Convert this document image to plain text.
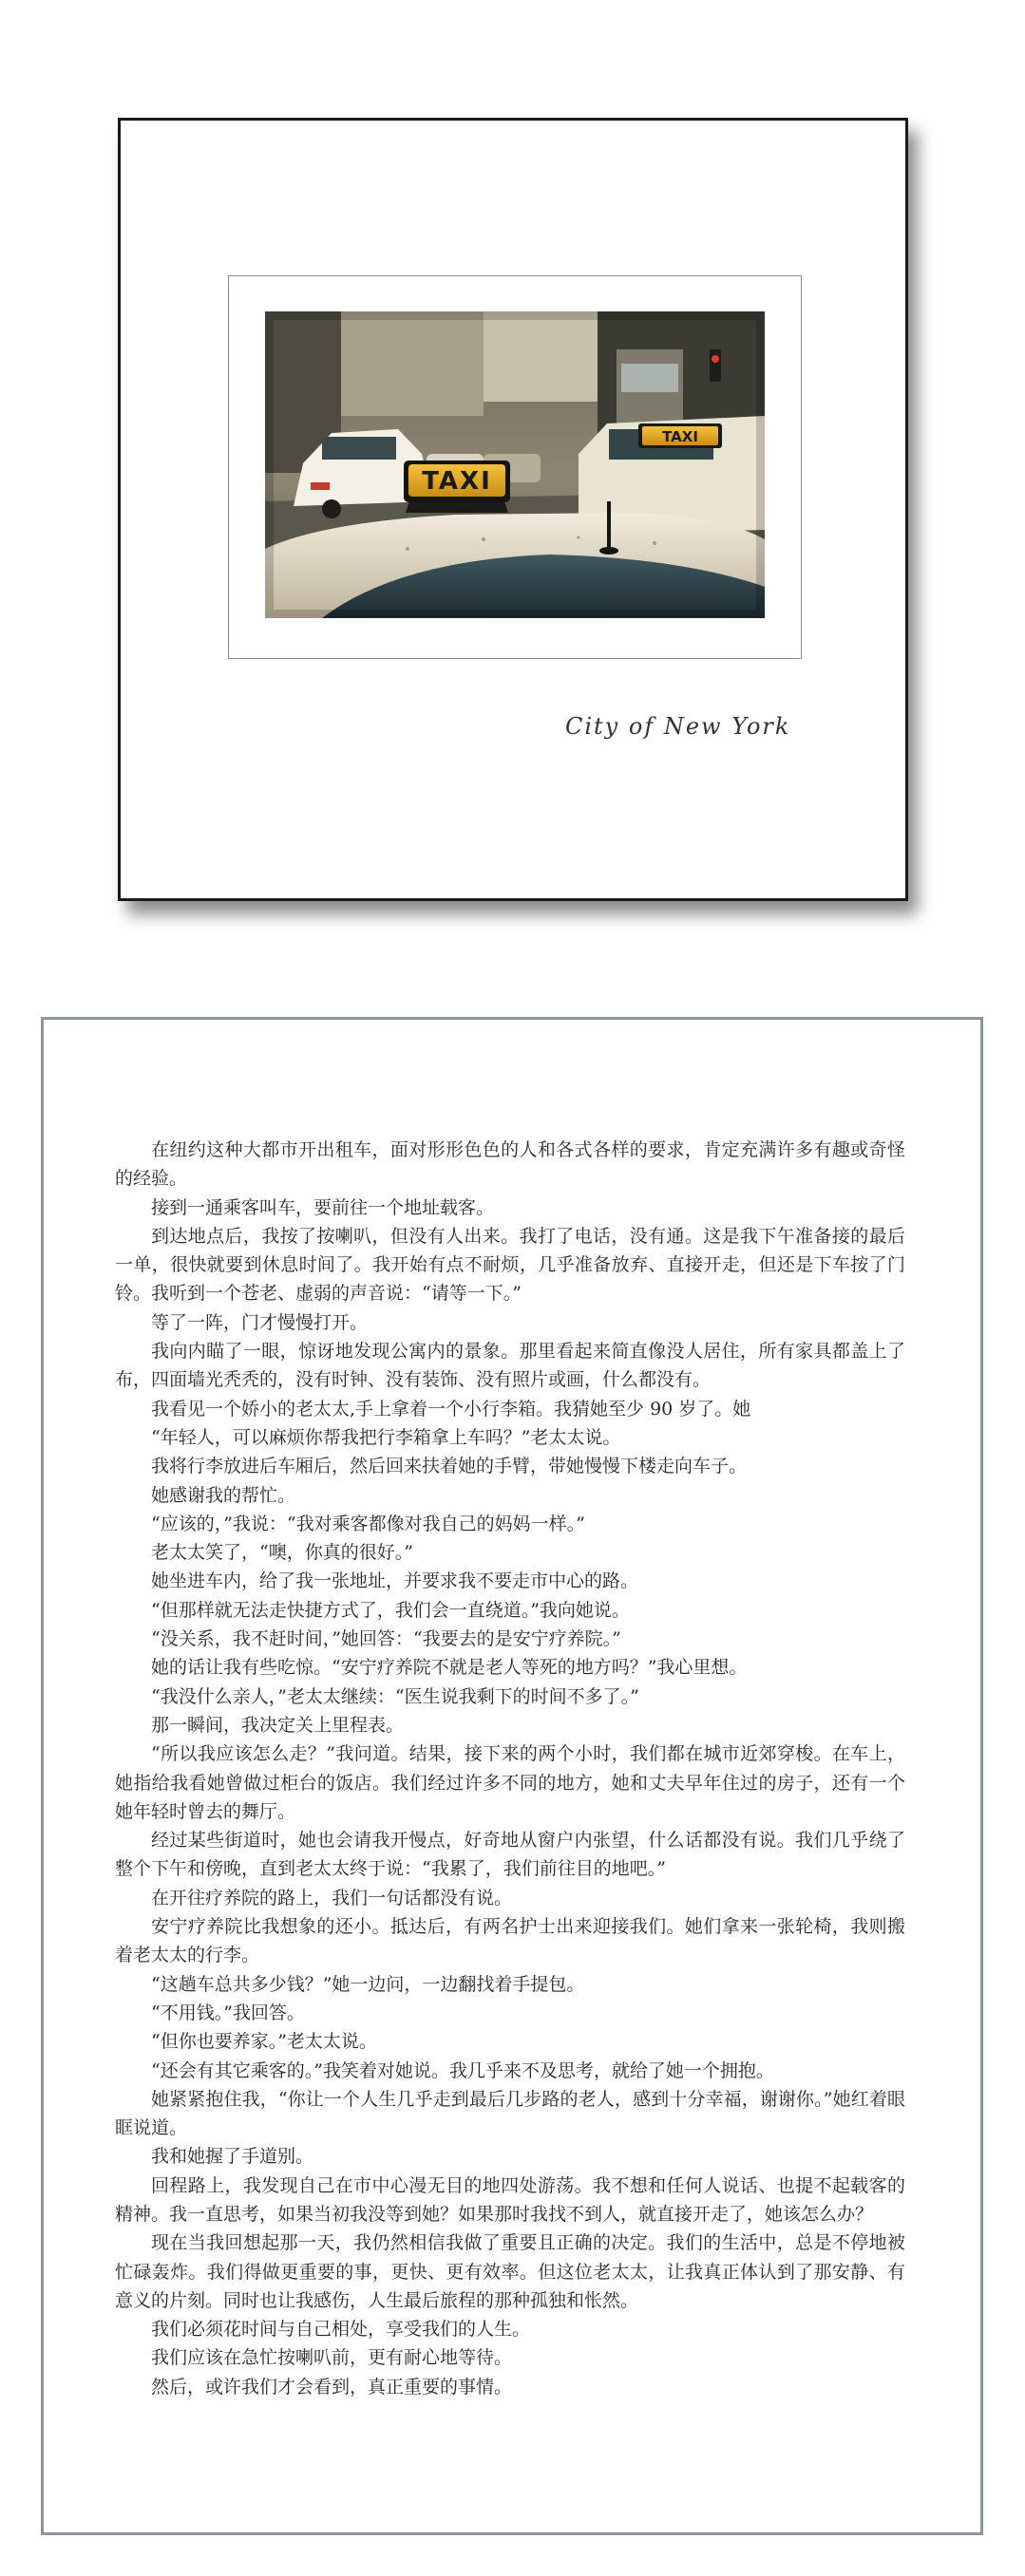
TAXI
TAXI
City of New York

在纽约这种大都市开出租车，面对形形色色的人和各式各样的要求，肯定充满许多有趣或奇怪的经验。

接到一通乘客叫车，要前往一个地址载客。

到达地点后，我按了按喇叭，但没有人出来。我打了电话，没有通。这是我下午准备接的最后一单，很快就要到休息时间了。我开始有点不耐烦，几乎准备放弃、直接开走，但还是下车按了门铃。我听到一个苍老、虚弱的声音说：“请等一下。”

等了一阵，门才慢慢打开。

我向内瞄了一眼，惊讶地发现公寓内的景象。那里看起来简直像没人居住，所有家具都盖上了布，四面墙光秃秃的，没有时钟、没有装饰、没有照片或画，什么都没有。

我看见一个娇小的老太太,手上拿着一个小行李箱。我猜她至少 90 岁了。她

“年轻人，可以麻烦你帮我把行李箱拿上车吗？”老太太说。

我将行李放进后车厢后，然后回来扶着她的手臂，带她慢慢下楼走向车子。

她感谢我的帮忙。

“应该的，”我说：“我对乘客都像对我自己的妈妈一样。”

老太太笑了，“噢，你真的很好。”

她坐进车内，给了我一张地址，并要求我不要走市中心的路。

“但那样就无法走快捷方式了，我们会一直绕道。”我向她说。

“没关系，我不赶时间，”她回答：“我要去的是安宁疗养院。”

她的话让我有些吃惊。“安宁疗养院不就是老人等死的地方吗？”我心里想。

“我没什么亲人，”老太太继续：“医生说我剩下的时间不多了。”

那一瞬间，我决定关上里程表。

“所以我应该怎么走？”我问道。结果，接下来的两个小时，我们都在城市近郊穿梭。在车上，她指给我看她曾做过柜台的饭店。我们经过许多不同的地方，她和丈夫早年住过的房子，还有一个她年轻时曾去的舞厅。

经过某些街道时，她也会请我开慢点，好奇地从窗户内张望，什么话都没有说。我们几乎绕了整个下午和傍晚，直到老太太终于说：“我累了，我们前往目的地吧。”

在开往疗养院的路上，我们一句话都没有说。

安宁疗养院比我想象的还小。抵达后，有两名护士出来迎接我们。她们拿来一张轮椅，我则搬着老太太的行李。

“这趟车总共多少钱？”她一边问，一边翻找着手提包。

“不用钱。”我回答。

“但你也要养家。”老太太说。

“还会有其它乘客的。”我笑着对她说。我几乎来不及思考，就给了她一个拥抱。

她紧紧抱住我，“你让一个人生几乎走到最后几步路的老人，感到十分幸福，谢谢你。”她红着眼眶说道。

我和她握了手道别。

回程路上，我发现自己在市中心漫无目的地四处游荡。我不想和任何人说话、也提不起载客的精神。我一直思考，如果当初我没等到她？如果那时我找不到人，就直接开走了，她该怎么办？

现在当我回想起那一天，我仍然相信我做了重要且正确的决定。我们的生活中，总是不停地被忙碌轰炸。我们得做更重要的事，更快、更有效率。但这位老太太，让我真正体认到了那安静、有意义的片刻。同时也让我感伤，人生最后旅程的那种孤独和怅然。

我们必须花时间与自己相处，享受我们的人生。

我们应该在急忙按喇叭前，更有耐心地等待。

然后，或许我们才会看到，真正重要的事情。
